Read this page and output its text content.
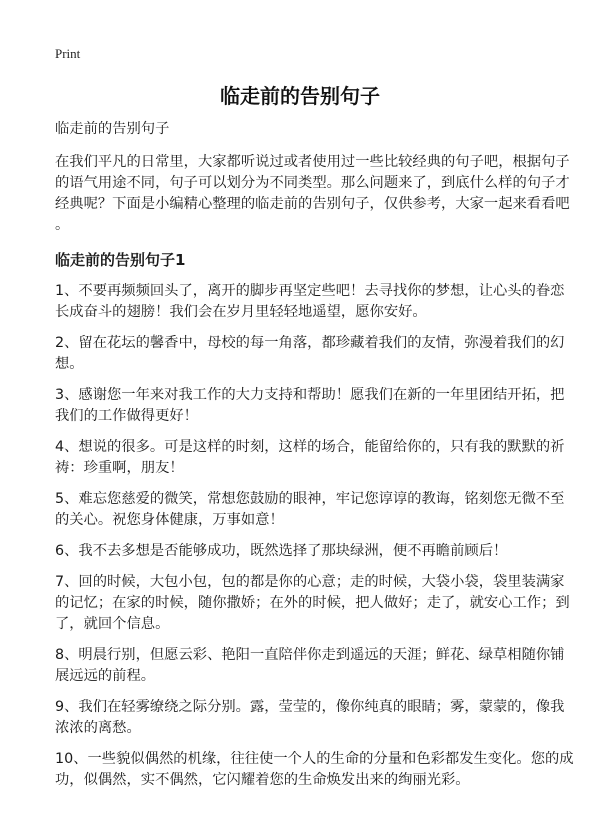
Print
临走前的告别句子
临走前的告别句子
在我们平凡的日常里，大家都听说过或者使用过一些比较经典的句子吧，根据句子
的语气用途不同，句子可以划分为不同类型。那么问题来了，到底什么样的句子才
经典呢？下面是小编精心整理的临走前的告别句子，仅供参考，大家一起来看看吧
。
临走前的告别句子1
1、不要再频频回头了，离开的脚步再坚定些吧！去寻找你的梦想，让心头的眷恋
长成奋斗的翅膀！我们会在岁月里轻轻地遥望，愿你安好。
2、留在花坛的馨香中，母校的每一角落，都珍藏着我们的友情，弥漫着我们的幻
想。
3、感谢您一年来对我工作的大力支持和帮助！愿我们在新的一年里团结开拓，把
我们的工作做得更好！
4、想说的很多。可是这样的时刻，这样的场合，能留给你的，只有我的默默的祈
祷：珍重啊，朋友！
5、难忘您慈爱的微笑，常想您鼓励的眼神，牢记您谆谆的教诲，铭刻您无微不至
的关心。祝您身体健康，万事如意！
6、我不去多想是否能够成功，既然选择了那块绿洲，便不再瞻前顾后！
7、回的时候，大包小包，包的都是你的心意；走的时候，大袋小袋，袋里装满家
的记忆；在家的时候，随你撒娇；在外的时候，把人做好；走了，就安心工作；到
了，就回个信息。
8、明晨行别，但愿云彩、艳阳一直陪伴你走到遥远的天涯；鲜花、绿草相随你铺
展远远的前程。
9、我们在轻雾缭绕之际分别。露，莹莹的，像你纯真的眼睛；雾，蒙蒙的，像我
浓浓的离愁。
10、一些貌似偶然的机缘，往往使一个人的生命的分量和色彩都发生变化。您的成
功，似偶然，实不偶然，它闪耀着您的生命焕发出来的绚丽光彩。
